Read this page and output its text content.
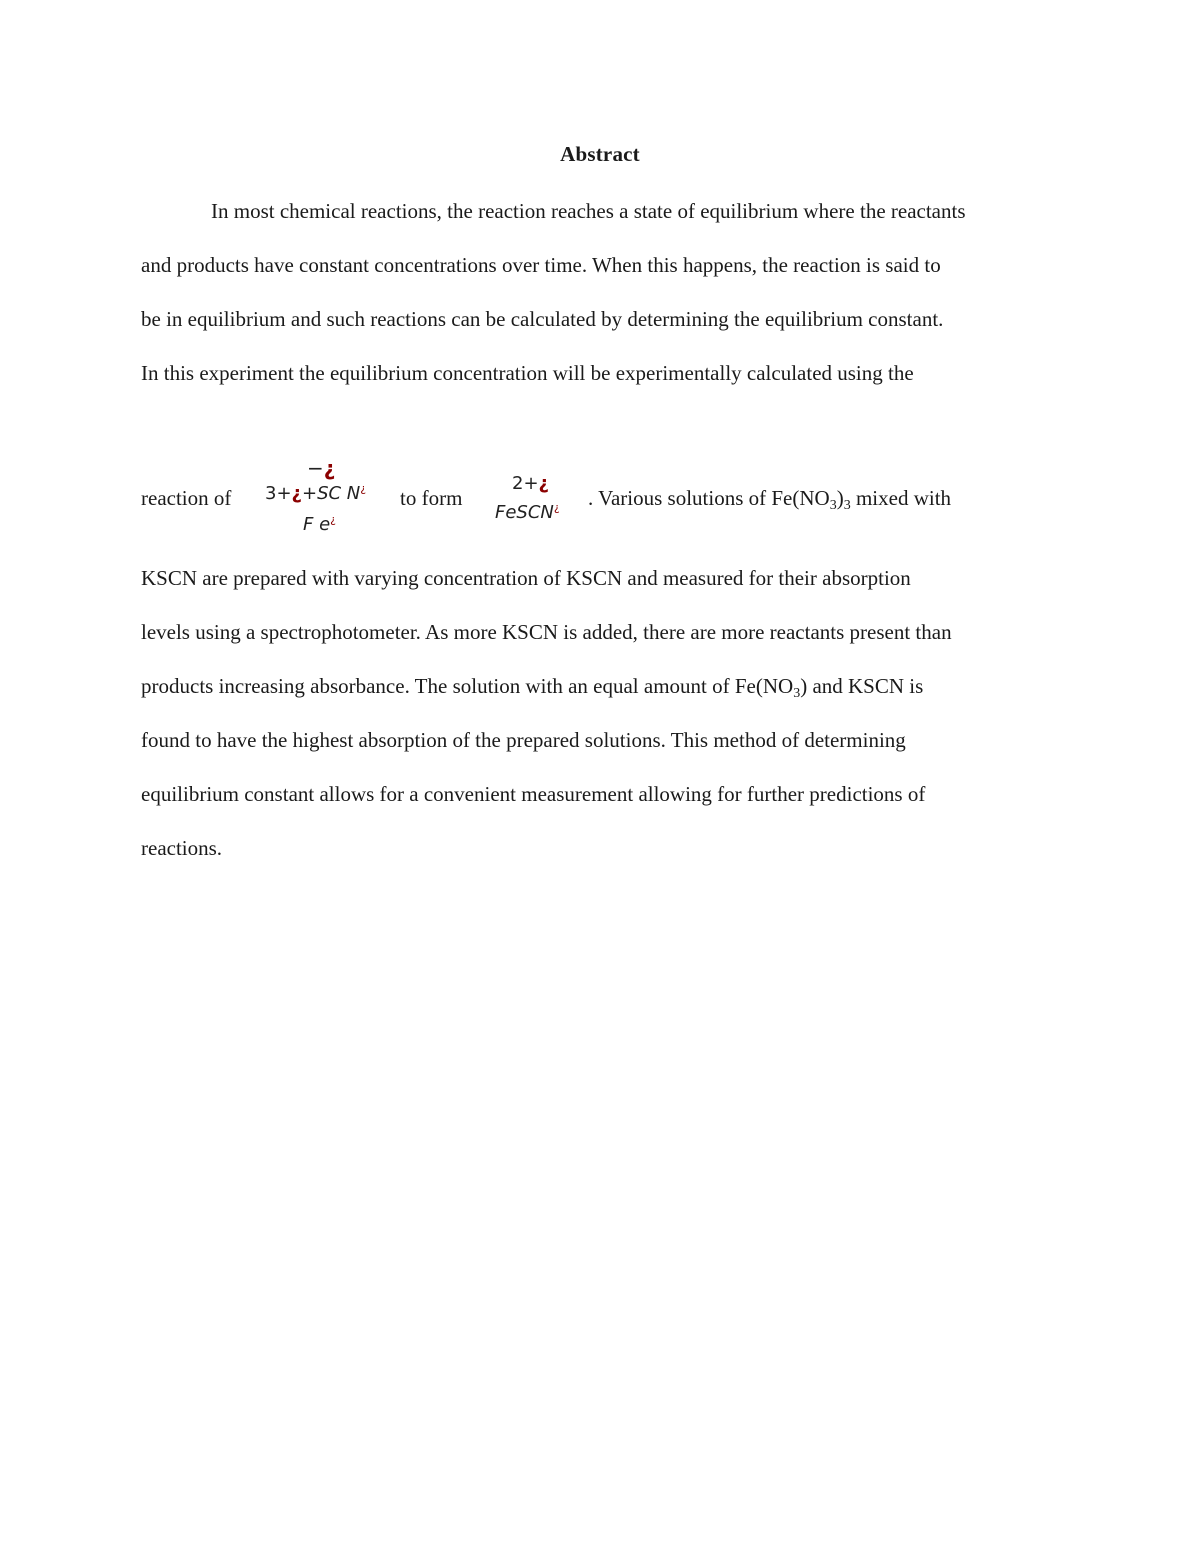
Abstract
In most chemical reactions, the reaction reaches a state of equilibrium where the reactants
and products have constant concentrations over time. When this happens, the reaction is said to
be in equilibrium and such reactions can be calculated by determining the equilibrium constant.
In this experiment the equilibrium concentration will be experimentally calculated using the
reaction of
−¿
3+¿+SC N¿
F e¿
to form
2+¿
FeSCN¿ . Various solutions of $Fe(NO_3)_3$ mixed with
KSCN are prepared with varying concentration of KSCN and measured for their absorption
levels using a spectrophotometer. As more KSCN is added, there are more reactants present than
products increasing absorbance. The solution with an equal amount of $Fe(NO_3)$ and KSCN is
found to have the highest absorption of the prepared solutions. This method of determining
equilibrium constant allows for a convenient measurement allowing for further predictions of
reactions.
